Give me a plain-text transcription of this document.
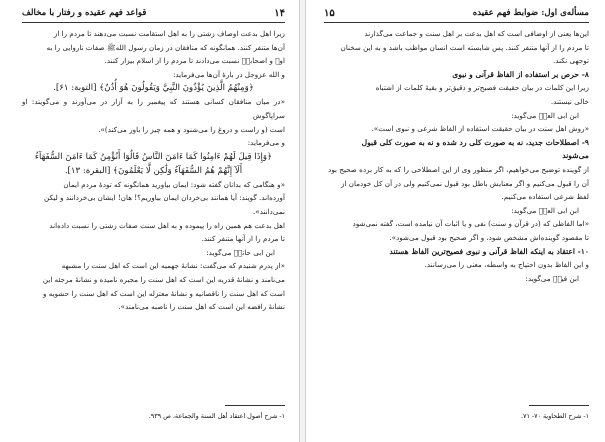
۱۴
قواعد فهم عقیده و رفتار با مخالف

زیرا اهل بدعت اوصاف زشتی را به اهل استقامت نسبت می‌دهند تا مردم را از

آن‌ها متنفر کنند. همانگونه که منافقان در زمان رسول اللهﷺ صفات ناروایی را به

اوﷺ و اصحابشؓ نسبت می‌دادند تا مردم را از اسلام بیزار کنند.

و الله عزوجل در بارهٔ آن‌ها می‌فرماید:

﴿وَمِنْهُمُ الَّذِينَ يُؤْذُونَ النَّبِيَّ وَيَقُولُونَ هُوَ أُذُنٌ﴾ [التوبة: ۶۱].

«در میان منافقان کسانی هستند که پیغمبر را به آزار در می‌آورند و می‌گویند: او سراپاگوش

است (و راست و دروغ را می‌شنود و همه چیز را باور می‌کند)».

و می‌فرماید:

﴿وَإِذَا قِيلَ لَهُمْ ءَامِنُوا كَمَا ءَامَنَ النَّاسُ قَالُوٓا أَنُؤْمِنُ كَمَا ءَامَنَ السُّفَهَآءُ

أَلَآ إِنَّهُمْ هُمُ السُّفَهَآءُ وَلَٰكِن لَّا يَعْلَمُونَ﴾ [البقرة: ۱۳].

«و هنگامی که بدانان گفته شود: ایمان بیاورید همانگونه که تودهٔ مردم ایمان

آورده‌اند. گویند: آیا همانند بی‌خردان ایمان بیاوریم؟! هان! ایشان بی‌خردانند و لیکن

نمی‌دانند».

اهل بدعت هم همین راه را پیموده و به اهل سنت صفات زشتی را نسبت داده‌اند

تا مردم را از آنها متنفر کنند.

ابن ابی حاتمؒ می‌گوید:

«از پدرم شنیدم که می‌گفت: نشانهٔ جهمیه این است که اهل سنت را مشبهه

می‌نامند و نشانهٔ قدریه این است که اهل سنت را مجبره نامیده و نشانهٔ مرجئه این

است که اهل سنت را ناقصانیه و نشانهٔ معتزله این است که اهل سنت را حشویه و

نشانهٔ رافضه این است که اهل سنت را ناصبه می‌نامند».

۱- شرح أصول اعتقاد أهل السنة والجماعة، ص ۹۳۹.
مسأله‌ی اول: ضوابط فهم عقیده
۱۵

این‌ها یعنی از اوصافی است که اهل بدعت بر اهل سنت و جماعت می‌گذارند

تا مردم را از آنها متنفر کنند. پس شایسته است انسان مواظب باشد و به این سخنان

توجهی نکند.

۸- حرص بر استفاده از الفاظ قرآنی و نبوی

زیرا این کلمات در بیان حقیقت فصیح‌تر و دقیق‌تر و بقیهٔ کلمات از اشتباه

خالی نیستند.

ابن ابی العزؒ می‌گوید:

«روش اهل سنت در بیان حقیقت استفاده از الفاظ شرعی و نبوی است».

۹- اصطلاحات جدید، نه به صورت کلی رد شده و نه به صورت کلی قبول

می‌شوند

از گوینده توضیح می‌خواهیم، اگر منظور وی از این اصطلاحی را که به کار برده صحیح بود

آن را قبول می‌کنیم و اگر معنایش باطل بود قبول نمی‌کنیم ولی در آن کل خودمان از

لفظ شرعی استفاده می‌کنیم.

ابن ابی العزؒ می‌گوید:

«اما الفاظی که (در قرآن و سنت) نفی و یا اثبات آن نیامده است، گفته نمی‌شود

تا مقصود گوینده‌اش مشخص شود، و اگر صحیح بود قبول می‌شود».

۱۰- اعتقاد به اینکه الفاظ قرآنی و نبوی فصیح‌ترین الفاظ هستند

و این الفاظ بدون احتیاج به واسطه، معنی را می‌رسانند.

ابن قیمؒ می‌گوید:

۱- شرح الطحاوية ۷۰- ۷۱.
